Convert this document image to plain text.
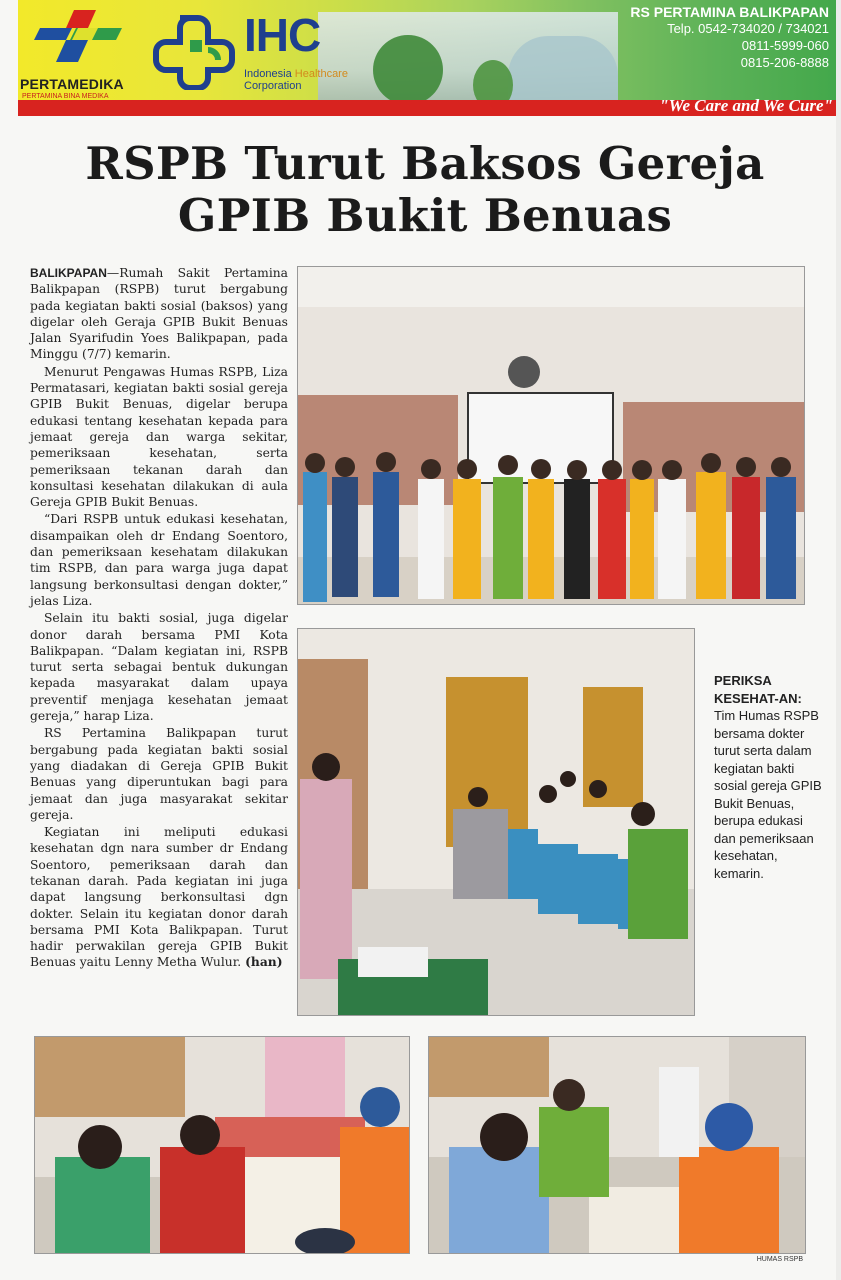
PERTAMEDIKA
PERTAMINA BINA MEDIKA
IHC
Indonesia Healthcare
Corporation
RS PERTAMINA BALIKPAPAN
Telp. 0542-734020 / 734021
0811-5999-060
0815-206-8888
"We Care and We Cure"
RSPB Turut Baksos Gereja
GPIB Bukit Benuas

BALIKPAPAN—Rumah Sakit Pertamina Balikpapan (RSPB) turut bergabung pada kegiatan bakti sosial (baksos) yang digelar oleh Geraja GPIB Bukit Benuas Jalan Syarifudin Yoes Balikpapan, pada Minggu (7/7) kemarin.

Menurut Pengawas Humas RSPB, Liza Permatasari, kegiatan bakti sosial gereja GPIB Bukit Benuas, digelar berupa edukasi tentang kesehatan kepada para jemaat gereja dan warga sekitar, pemeriksaan kesehatan, serta pemeriksaan tekanan darah dan konsultasi kesehatan dilakukan di aula Gereja GPIB Bukit Benuas.

“Dari RSPB untuk edukasi kesehatan, disampaikan oleh dr Endang Soentoro, dan pemeriksaan kesehatam dilakukan tim RSPB, dan para warga juga dapat langsung berkonsultasi dengan dokter,” jelas Liza.

Selain itu bakti sosial, juga digelar donor darah bersama PMI Kota Balikpapan. “Dalam kegiatan ini, RSPB turut serta sebagai bentuk dukungan kepada masyarakat dalam upaya preventif menjaga kesehatan jemaat gereja,” harap Liza.

RS Pertamina Balikpapan turut bergabung pada kegiatan bakti sosial yang diadakan di Gereja GPIB Bukit Benuas yang diperuntukan bagi para jemaat dan juga masyarakat sekitar gereja.

Kegiatan ini meliputi edukasi kesehatan dgn nara sumber dr Endang Soentoro, pemeriksaan darah dan tekanan darah. Pada kegiatan ini juga dapat langsung berkonsultasi dgn dokter. Selain itu kegiatan donor darah bersama PMI Kota Balikpapan. Turut hadir perwakilan gereja GPIB Bukit Benuas yaitu Lenny Metha Wulur. (han)

PERIKSA KESEHAT-AN: Tim Humas RSPB bersama dokter turut serta dalam kegiatan bakti sosial gereja GPIB Bukit Benuas, berupa edukasi dan pemeriksaan kesehatan, kemarin.
HUMAS RSPB
